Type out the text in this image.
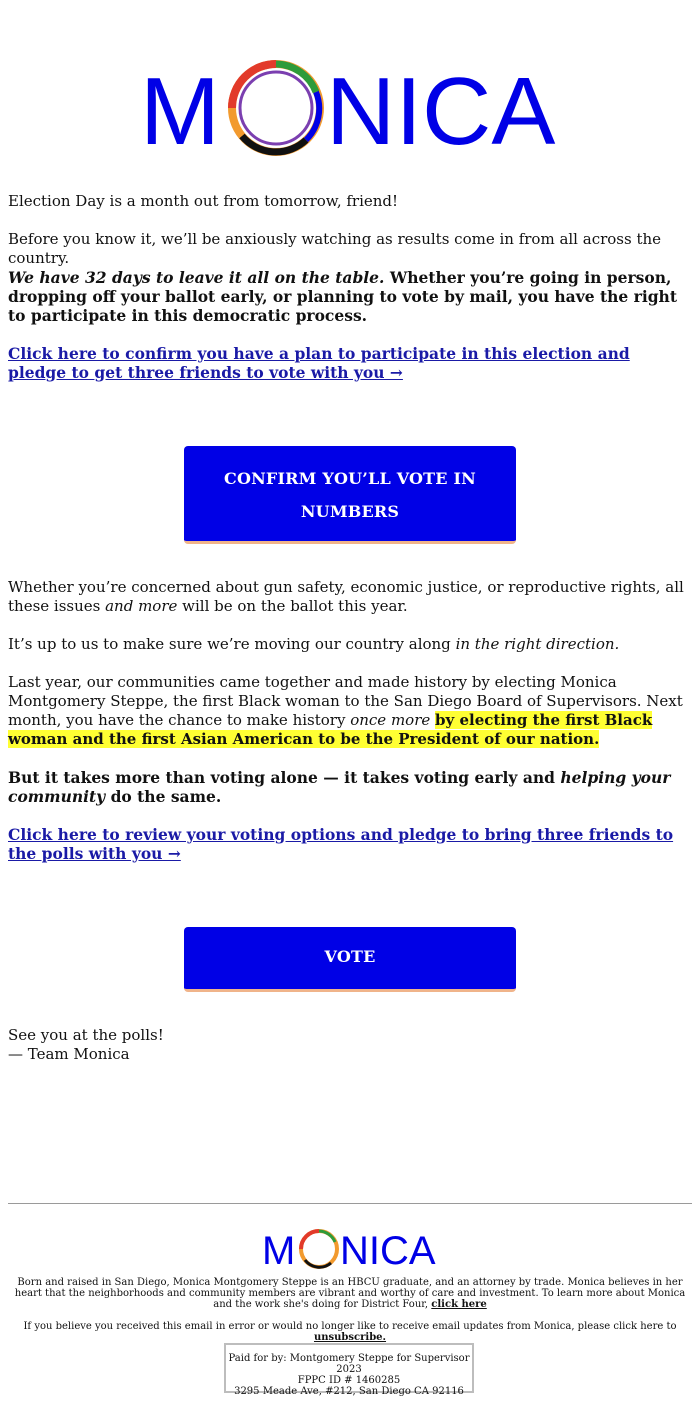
M NICA

Election Day is a month out from tomorrow, friend!

Before you know it, we’ll be anxiously watching as results come in from all across the country.

We have 32 days to leave it all on the table. Whether you’re going in person, dropping off your ballot early, or planning to vote by mail, you have the right to participate in this democratic process.

Click here to confirm you have a plan to participate in this election and pledge to get three friends to vote with you →
CONFIRM YOU’LL VOTE IN
NUMBERS

Whether you’re concerned about gun safety, economic justice, or reproductive rights, all these issues and more will be on the ballot this year.

It’s up to us to make sure we’re moving our country along in the right direction.

Last year, our communities came together and made history by electing Monica Montgomery Steppe, the first Black woman to the San Diego Board of Supervisors. Next month, you have the chance to make history once more by electing the first Black woman and the first Asian American to be the President of our nation.

But it takes more than voting alone — it takes voting early and helping your community do the same.

Click here to review your voting options and pledge to bring three friends to the polls with you →
VOTE

See you at the polls!

— Team Monica

M NICA
Born and raised in San Diego, Monica Montgomery Steppe is an HBCU graduate, and an attorney by trade. Monica believes in her heart that the neighborhoods and community members are vibrant and worthy of care and investment. To learn more about Monica and the work she's doing for District Four, click here
If you believe you received this email in error or would no longer like to receive email updates from Monica, please click here to unsubscribe.
Paid for by: Montgomery Steppe for Supervisor 2023
FPPC ID # 1460285
3295 Meade Ave, #212, San Diego CA 92116
